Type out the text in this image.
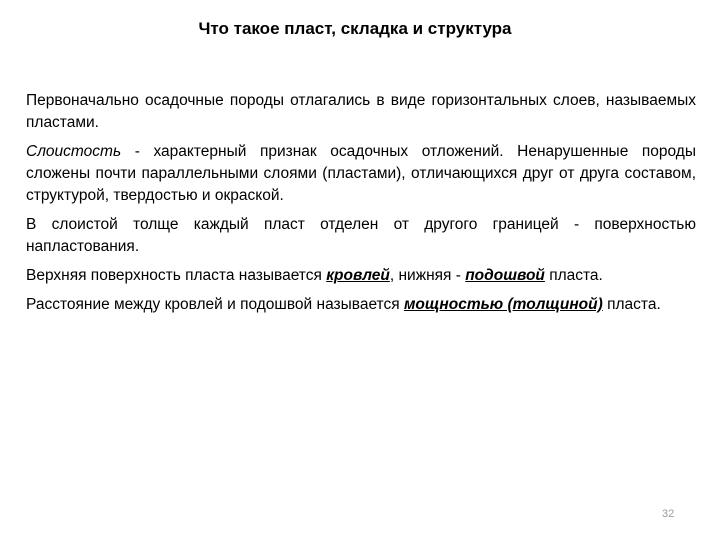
Что такое пласт, складка и структура

Первоначально осадочные породы отлагались в виде горизонтальных слоев, называемых пластами.

Слоистость - характерный признак осадочных отложений. Ненарушенные породы сложены почти параллельными слоями (пластами), отличающихся друг от друга составом, структурой, твердостью и окраской.

В слоистой толще каждый пласт отделен от другого границей - поверхностью напластования.

Верхняя поверхность пласта называется кровлей, нижняя - подошвой пласта.

Расстояние между кровлей и подошвой называется мощностью (толщиной) пласта.

32
